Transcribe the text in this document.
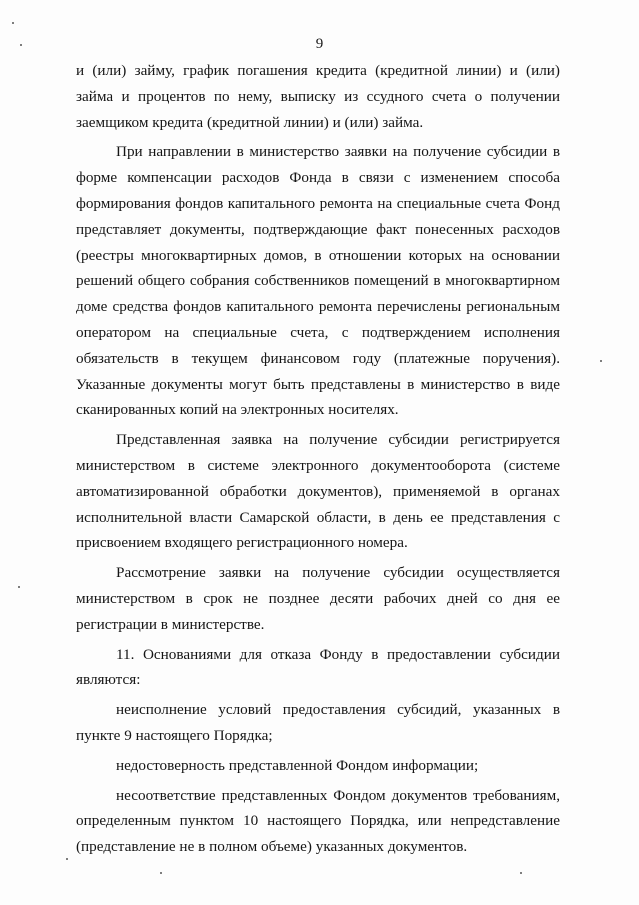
9

и (или) займу, график погашения кредита (кредитной линии) и (или) займа и процентов по нему, выписку из ссудного счета о получении заемщиком кредита (кредитной линии) и (или) займа.

При направлении в министерство заявки на получение субсидии в форме компенсации расходов Фонда в связи с изменением способа формирования фондов капитального ремонта на специальные счета Фонд представляет документы, подтверждающие факт понесенных расходов (реестры многоквартирных домов, в отношении которых на основании решений общего собрания собственников помещений в многоквартирном доме средства фондов капитального ремонта перечислены региональным оператором на специальные счета, с подтверждением исполнения обязательств в текущем финансовом году (платежные поручения). Указанные документы могут быть представлены в министерство в виде сканированных копий на электронных носителях.

Представленная заявка на получение субсидии регистрируется министерством в системе электронного документооборота (системе автоматизированной обработки документов), применяемой в органах исполнительной власти Самарской области, в день ее представления с присвоением входящего регистрационного номера.

Рассмотрение заявки на получение субсидии осуществляется министерством в срок не позднее десяти рабочих дней со дня ее регистрации в министерстве.

11. Основаниями для отказа Фонду в предоставлении субсидии являются:

неисполнение условий предоставления субсидий, указанных в пункте 9 настоящего Порядка;

недостоверность представленной Фондом информации;

несоответствие представленных Фондом документов требованиям, определенным пунктом 10 настоящего Порядка, или непредставление (представление не в полном объеме) указанных документов.
